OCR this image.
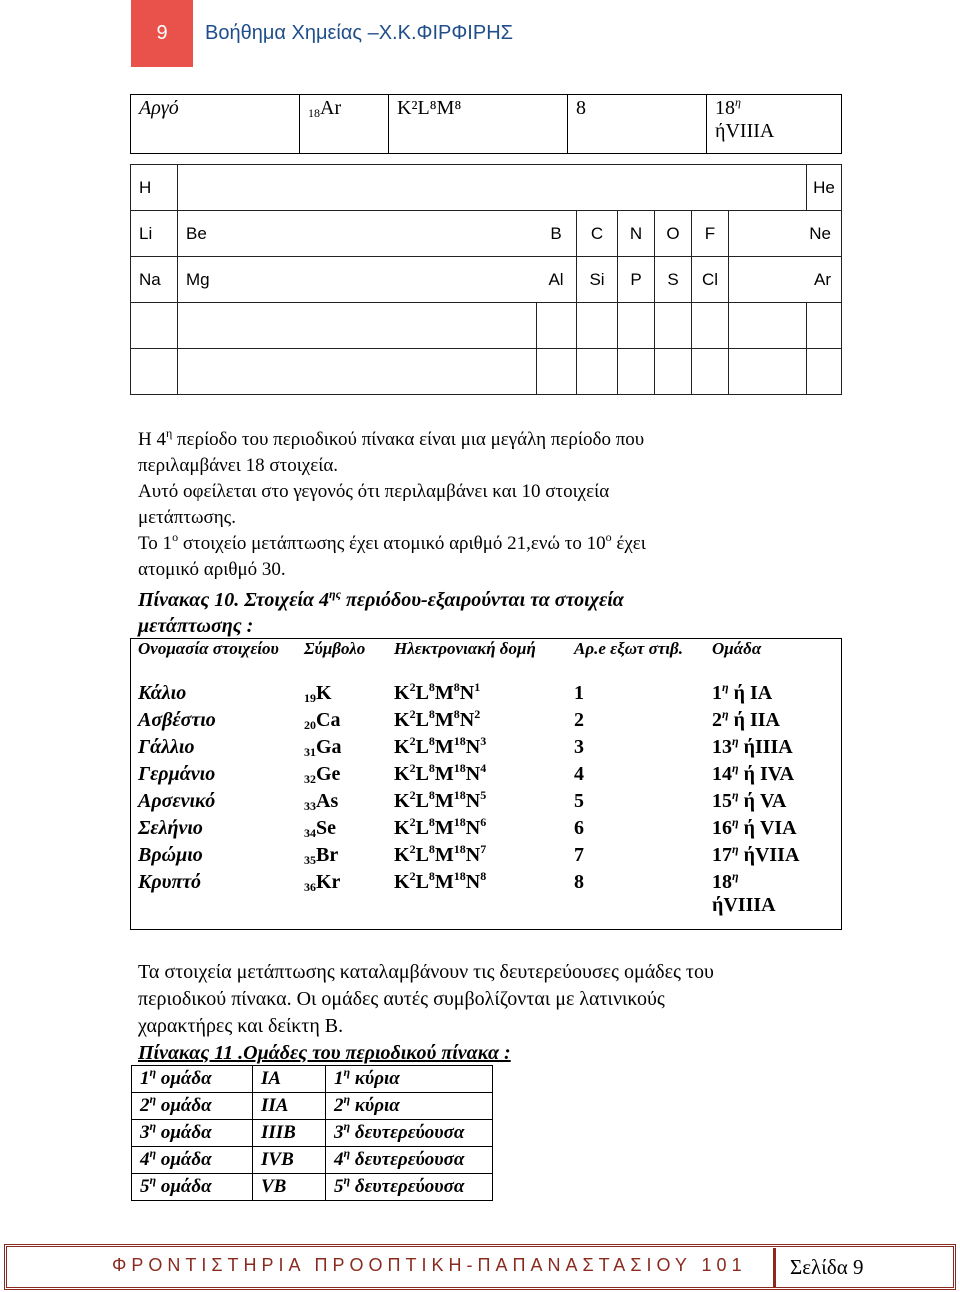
9	Βοήθημα Χημείας –Χ.Κ.ΦΙΡΦΙΡΗΣ
Αργό	$_{18}$Ar	K²L⁸M⁸	8	$18^\eta$
ήVIIIA
H								He
Li	Be	B	C	N	O	F	Ne	
Na	Mg	Al	Si	P	S	Cl	Ar	

Η $4^\eta$ περίοδο του περιοδικού πίνακα είναι μια μεγάλη περίοδο που
περιλαμβάνει 18 στοιχεία.
Αυτό οφείλεται στο γεγονός ότι περιλαμβάνει και 10 στοιχεία
μετάπτωσης.
Το $1^o$ στοιχείο μετάπτωσης έχει ατομικό αριθμό 21,ενώ το $10^o$ έχει
ατομικό αριθμό 30.
Πίνακας 10. Στοιχεία $4^{\eta\varsigma}$ περιόδου-εξαιρούνται τα στοιχεία
μετάπτωσης :
Ονομασία στοιχείου	Σύμβολο	Ηλεκτρονιακή δομή	Αρ.e εξωτ στιβ.	Ομάδα
Κάλιο	$_{19}$K	$K^2L^8M^8N^1$	1	$1^\eta$ ή IA
Ασβέστιο	$_{20}$Ca	$K^2L^8M^8N^2$	2	$2^\eta$ ή IIA
Γάλλιο	$_{31}$Ga	$K^2L^8M^{18}N^3$	3	$13^\eta$ ήIIIA
Γερμάνιο	$_{32}$Ge	$K^2L^8M^{18}N^4$	4	$14^\eta$ ή IVA
Αρσενικό	$_{33}$As	$K^2L^8M^{18}N^5$	5	$15^\eta$ ή VA
Σελήνιο	$_{34}$Se	$K^2L^8M^{18}N^6$	6	$16^\eta$ ή VIA
Βρώμιο	$_{35}$Br	$K^2L^8M^{18}N^7$	7	$17^\eta$ ήVIIA
Κρυπτό	$_{36}$Kr	$K^2L^8M^{18}N^8$	8	$18^\eta$
ήVIIIA
Τα στοιχεία μετάπτωσης καταλαμβάνουν τις δευτερεύουσες ομάδες του
περιοδικού πίνακα. Οι ομάδες αυτές συμβολίζονται με λατινικούς
χαρακτήρες και δείκτη Β.
Πίνακας 11 .Ομάδες του περιοδικού πίνακα :
$1^\eta$ ομάδα	IA	$1^\eta$ κύρια
$2^\eta$ ομάδα	IIA	$2^\eta$ κύρια
$3^\eta$ ομάδα	IIIB	$3^\eta$ δευτερεύουσα
$4^\eta$ ομάδα	IVB	$4^\eta$ δευτερεύουσα
$5^\eta$ ομάδα	VB	$5^\eta$ δευτερεύουσα
ΦΡΟΝΤΙΣΤΗΡΙΑ ΠΡΟΟΠΤΙΚΗ-ΠΑΠΑΝΑΣΤΑΣΙΟΥ 101 Σελίδα 9
